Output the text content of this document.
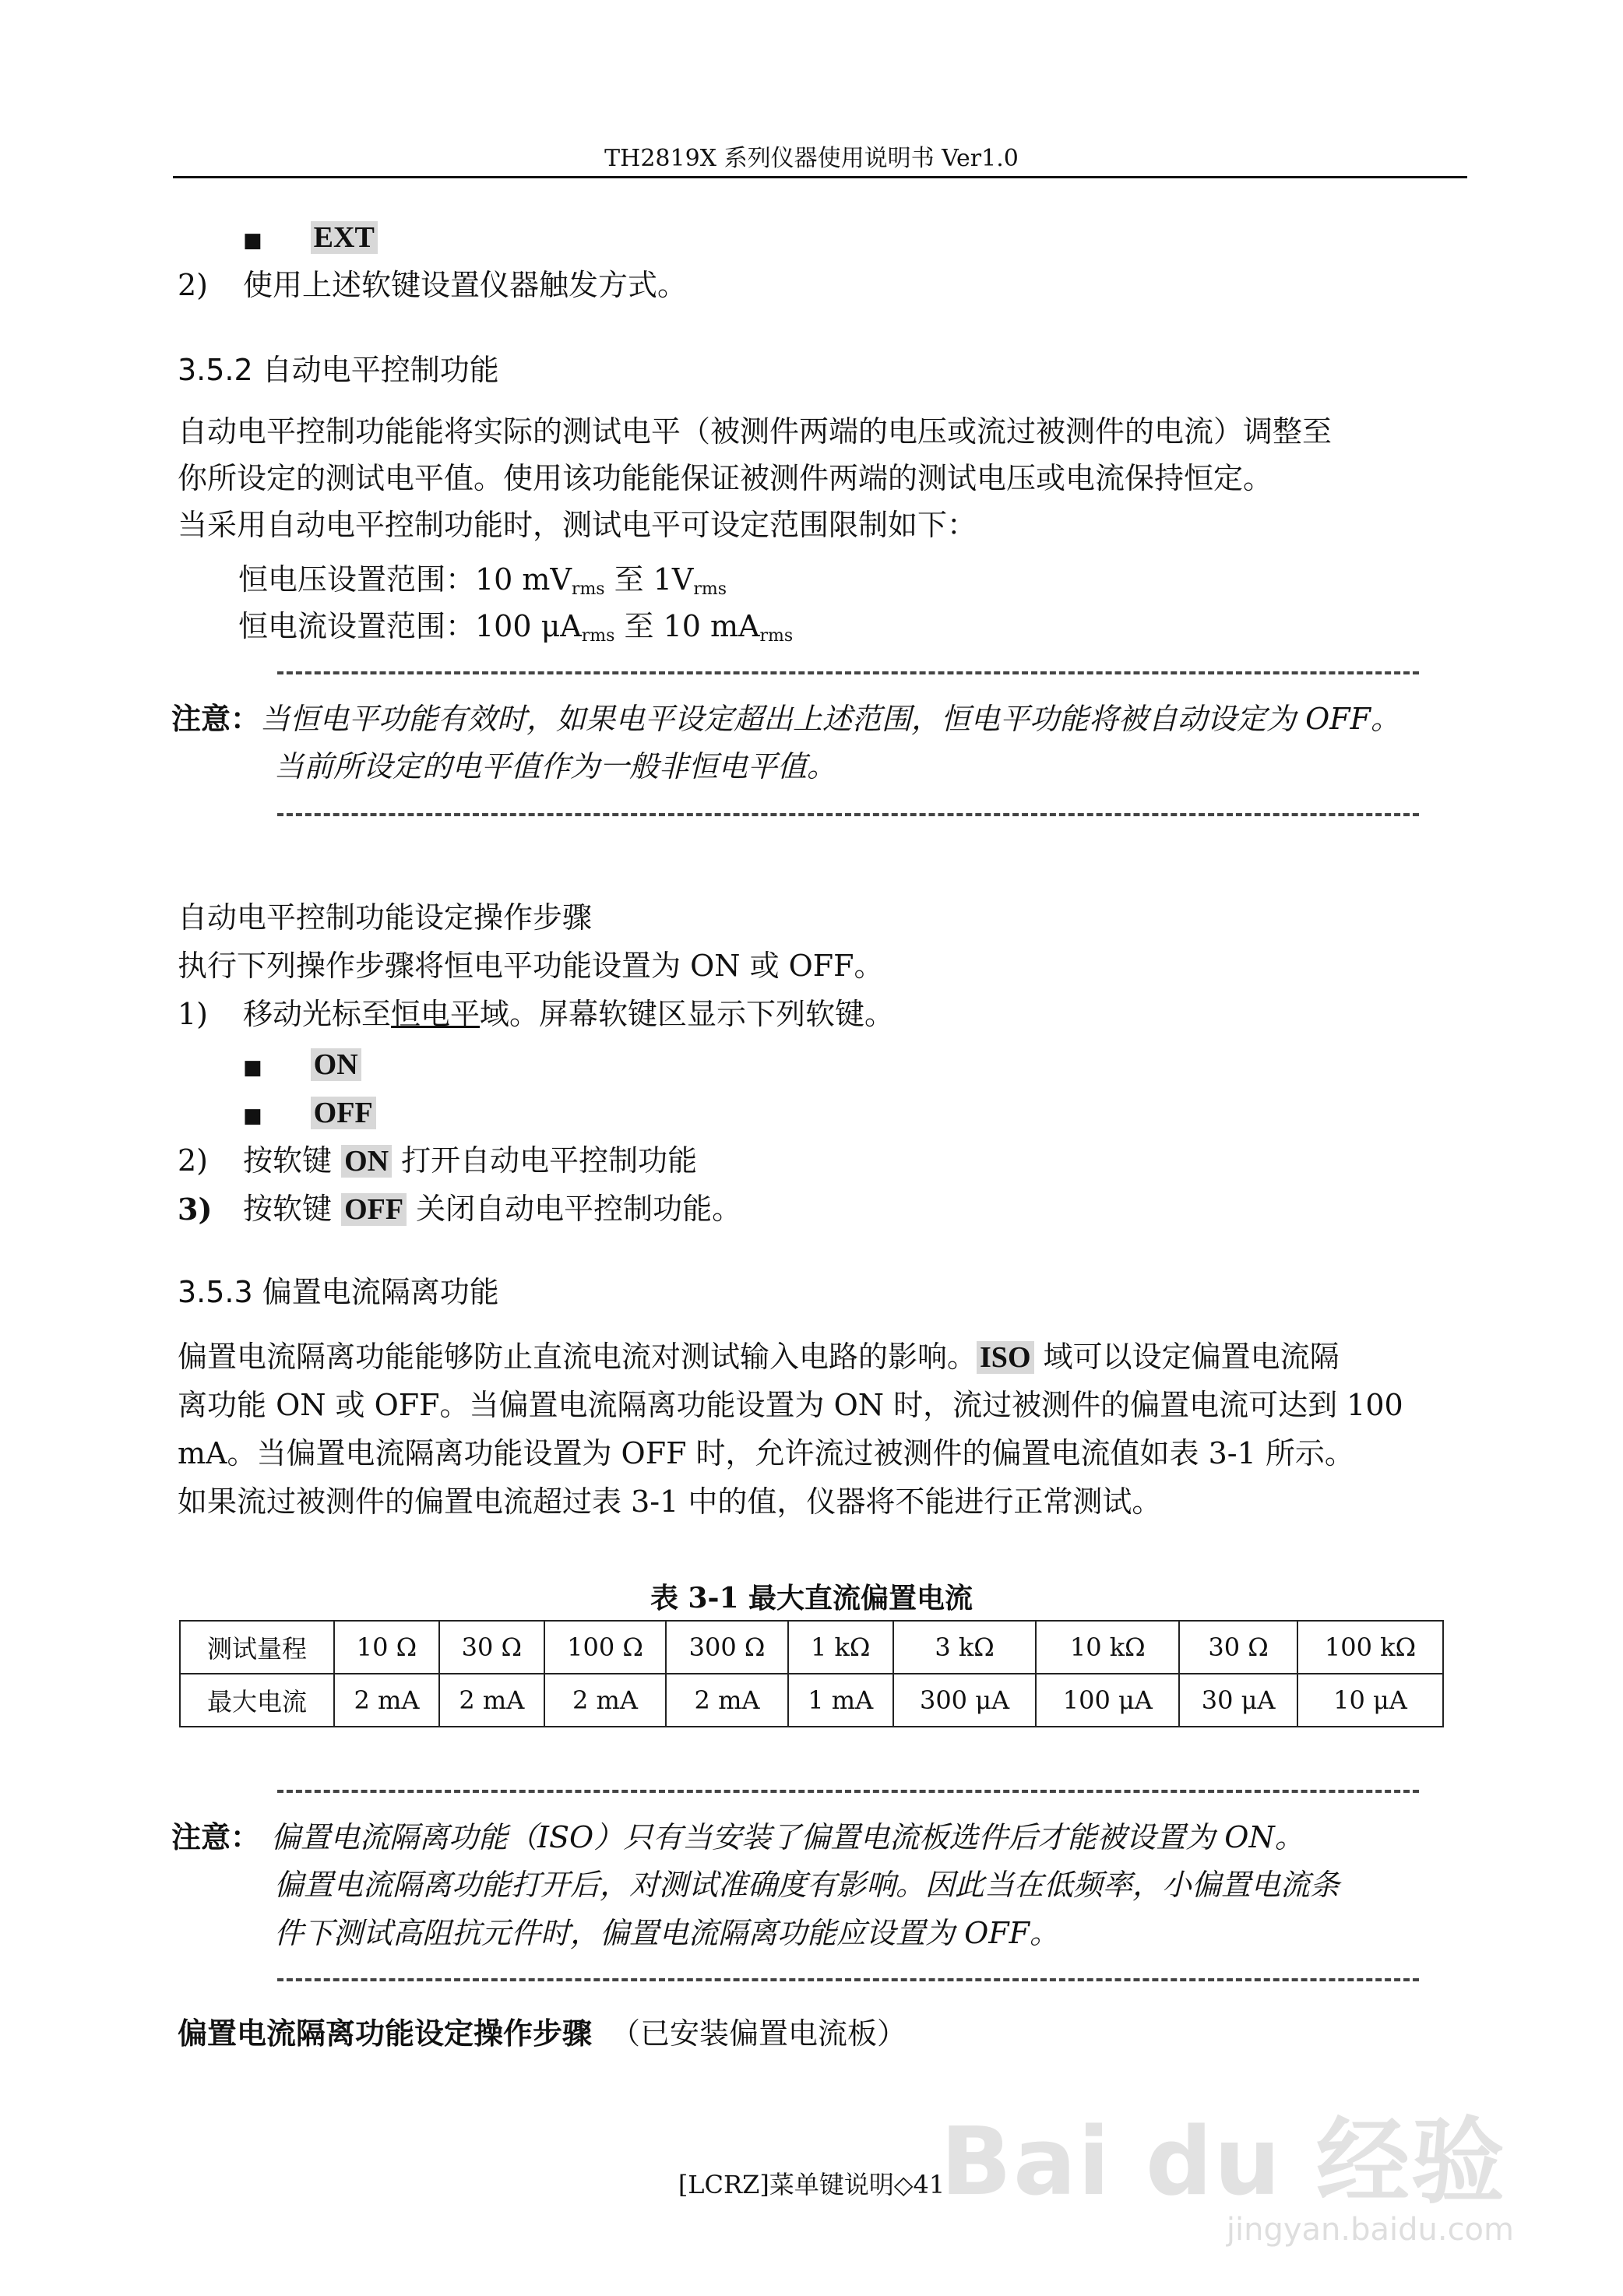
TH2819X 系列仪器使用说明书 Ver1.0
■ EXT
2) 使用上述软键设置仪器触发方式。
3.5.2 自动电平控制功能
自动电平控制功能能将实际的测试电平（被测件两端的电压或流过被测件的电流）调整至
你所设定的测试电平值。使用该功能能保证被测件两端的测试电压或电流保持恒定。
当采用自动电平控制功能时，测试电平可设定范围限制如下：
恒电压设置范围：10 $mV_{rms}$ 至 $1V_{rms}$
恒电流设置范围：100 $\mu A_{rms}$ 至 10 $mA_{rms}$
注意：当恒电平功能有效时，如果电平设定超出上述范围，恒电平功能将被自动设定为 OFF。
当前所设定的电平值作为一般非恒电平值。
自动电平控制功能设定操作步骤
执行下列操作步骤将恒电平功能设置为 ON 或 OFF。
1) 移动光标至恒电平域。屏幕软键区显示下列软键。
■ ON
■ OFF
2) 按软键 ON 打开自动电平控制功能
3) 按软键 OFF 关闭自动电平控制功能。
3.5.3 偏置电流隔离功能
偏置电流隔离功能能够防止直流电流对测试输入电路的影响。 ISO 域可以设定偏置电流隔
离功能 ON 或 OFF。当偏置电流隔离功能设置为 ON 时，流过被测件的偏置电流可达到 100
mA。当偏置电流隔离功能设置为 OFF 时，允许流过被测件的偏置电流值如表 3-1 所示。
如果流过被测件的偏置电流超过表 3-1 中的值，仪器将不能进行正常测试。
表 3-1 最大直流偏置电流
测试量程	10 Ω	30 Ω	100 Ω	300 Ω	1 kΩ	3 kΩ	10 kΩ	30 Ω	100 kΩ
最大电流	2 mA	2 mA	2 mA	2 mA	1 mA	300 μA	100 μA	30 μA	10 μA
注意： 偏置电流隔离功能（ISO）只有当安装了偏置电流板选件后才能被设置为 ON。
偏置电流隔离功能打开后，对测试准确度有影响。因此当在低频率，小偏置电流条
件下测试高阻抗元件时，偏置电流隔离功能应设置为 OFF。
偏置电流隔离功能设定操作步骤 （已安装偏置电流板）
[LCRZ]菜单键说明◇41
Bai du 经验
jingyan.baidu.com
